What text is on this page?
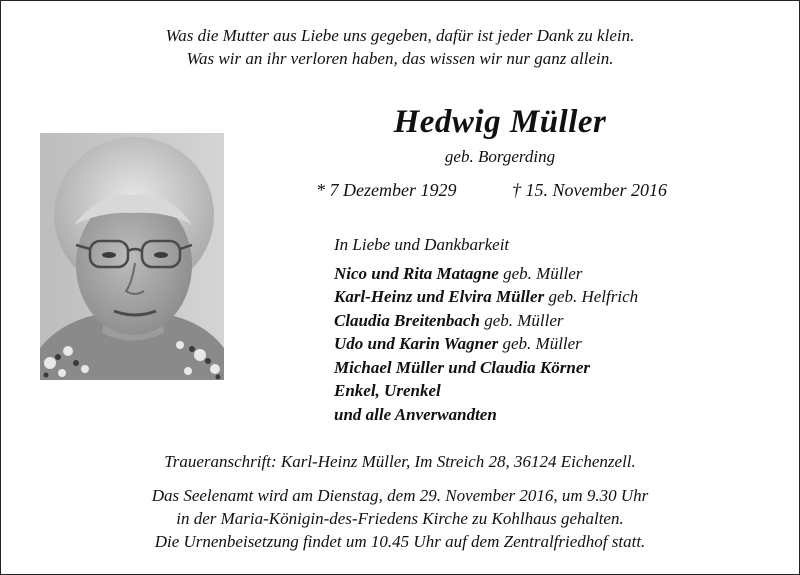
Was die Mutter aus Liebe uns gegeben, dafür ist jeder Dank zu klein.
Was wir an ihr verloren haben, das wissen wir nur ganz allein.
Hedwig Müller
geb. Borgerding
* 7 Dezember 1929	† 15. November 2016
In Liebe und Dankbarkeit
Nico und Rita Matagne geb. Müller
Karl-Heinz und Elvira Müller geb. Helfrich
Claudia Breitenbach geb. Müller
Udo und Karin Wagner geb. Müller
Michael Müller und Claudia Körner
Enkel, Urenkel
und alle Anverwandten
Traueranschrift: Karl-Heinz Müller, Im Streich 28, 36124 Eichenzell.
Das Seelenamt wird am Dienstag, dem 29. November 2016, um 9.30 Uhr
in der Maria-Königin-des-Friedens Kirche zu Kohlhaus gehalten.
Die Urnenbeisetzung findet um 10.45 Uhr auf dem Zentralfriedhof statt.
